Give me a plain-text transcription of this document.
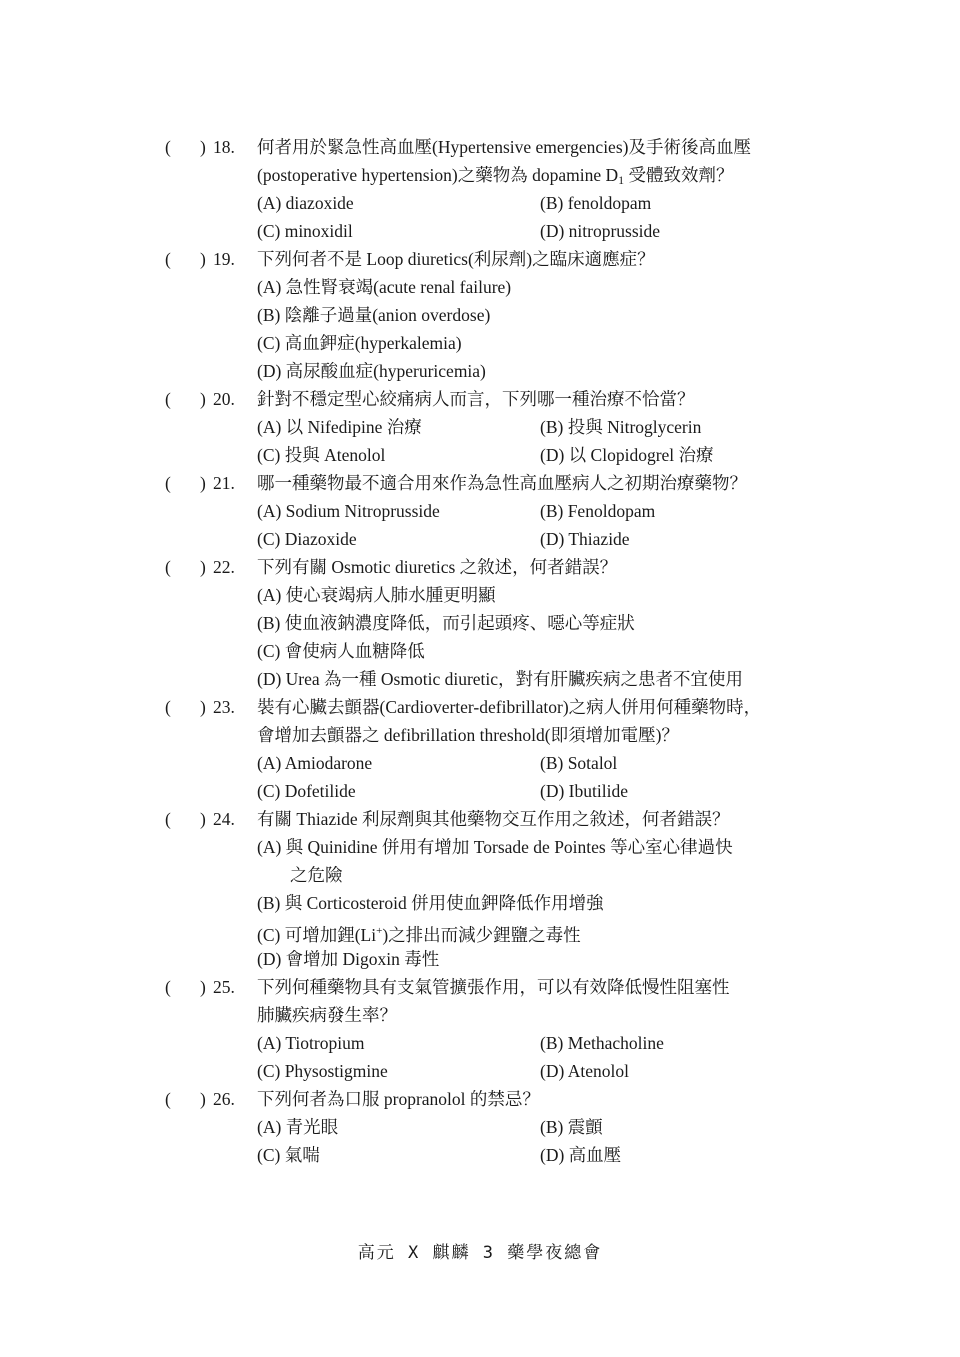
( ) 18. 何者用於緊急性高血壓(Hypertensive emergencies)及手術後高血壓
(postoperative hypertension)之藥物為 dopamine $D_1$ 受體致效劑？
(A) diazoxide	(B) fenoldopam
(C) minoxidil	(D) nitroprusside
( ) 19. 下列何者不是 Loop diuretics(利尿劑)之臨床適應症？
(A) 急性腎衰竭(acute renal failure)
(B) 陰離子過量(anion overdose)
(C) 高血鉀症(hyperkalemia)
(D) 高尿酸血症(hyperuricemia)
( ) 20. 針對不穩定型心絞痛病人而言，下列哪一種治療不恰當？
(A) 以 Nifedipine 治療	(B) 投與 Nitroglycerin
(C) 投與 Atenolol	(D) 以 Clopidogrel 治療
( ) 21. 哪一種藥物最不適合用來作為急性高血壓病人之初期治療藥物？
(A) Sodium Nitroprusside	(B) Fenoldopam
(C) Diazoxide	(D) Thiazide
( ) 22. 下列有關 Osmotic diuretics 之敘述，何者錯誤？
(A) 使心衰竭病人肺水腫更明顯
(B) 使血液鈉濃度降低，而引起頭疼、噁心等症狀
(C) 會使病人血糖降低
(D) Urea 為一種 Osmotic diuretic，對有肝臟疾病之患者不宜使用
( ) 23. 裝有心臟去顫器(Cardioverter-defibrillator)之病人併用何種藥物時，
會增加去顫器之 defibrillation threshold(即須增加電壓)？
(A) Amiodarone	(B) Sotalol
(C) Dofetilide	(D) Ibutilide
( ) 24. 有關 Thiazide 利尿劑與其他藥物交互作用之敘述，何者錯誤？
(A) 與 Quinidine 併用有增加 Torsade de Pointes 等心室心律過快
之危險
(B) 與 Corticosteroid 併用使血鉀降低作用增強
(C) 可增加鋰(Li+)之排出而減少鋰鹽之毒性
(D) 會增加 Digoxin 毒性
( ) 25. 下列何種藥物具有支氣管擴張作用，可以有效降低慢性阻塞性
肺臟疾病發生率？
(A) Tiotropium	(B) Methacholine
(C) Physostigmine	(D) Atenolol
( ) 26. 下列何者為口服 propranolol 的禁忌？
(A) 青光眼	(B) 震顫
(C) 氣喘	(D) 高血壓
高元 X 麒麟 3 藥學夜總會
